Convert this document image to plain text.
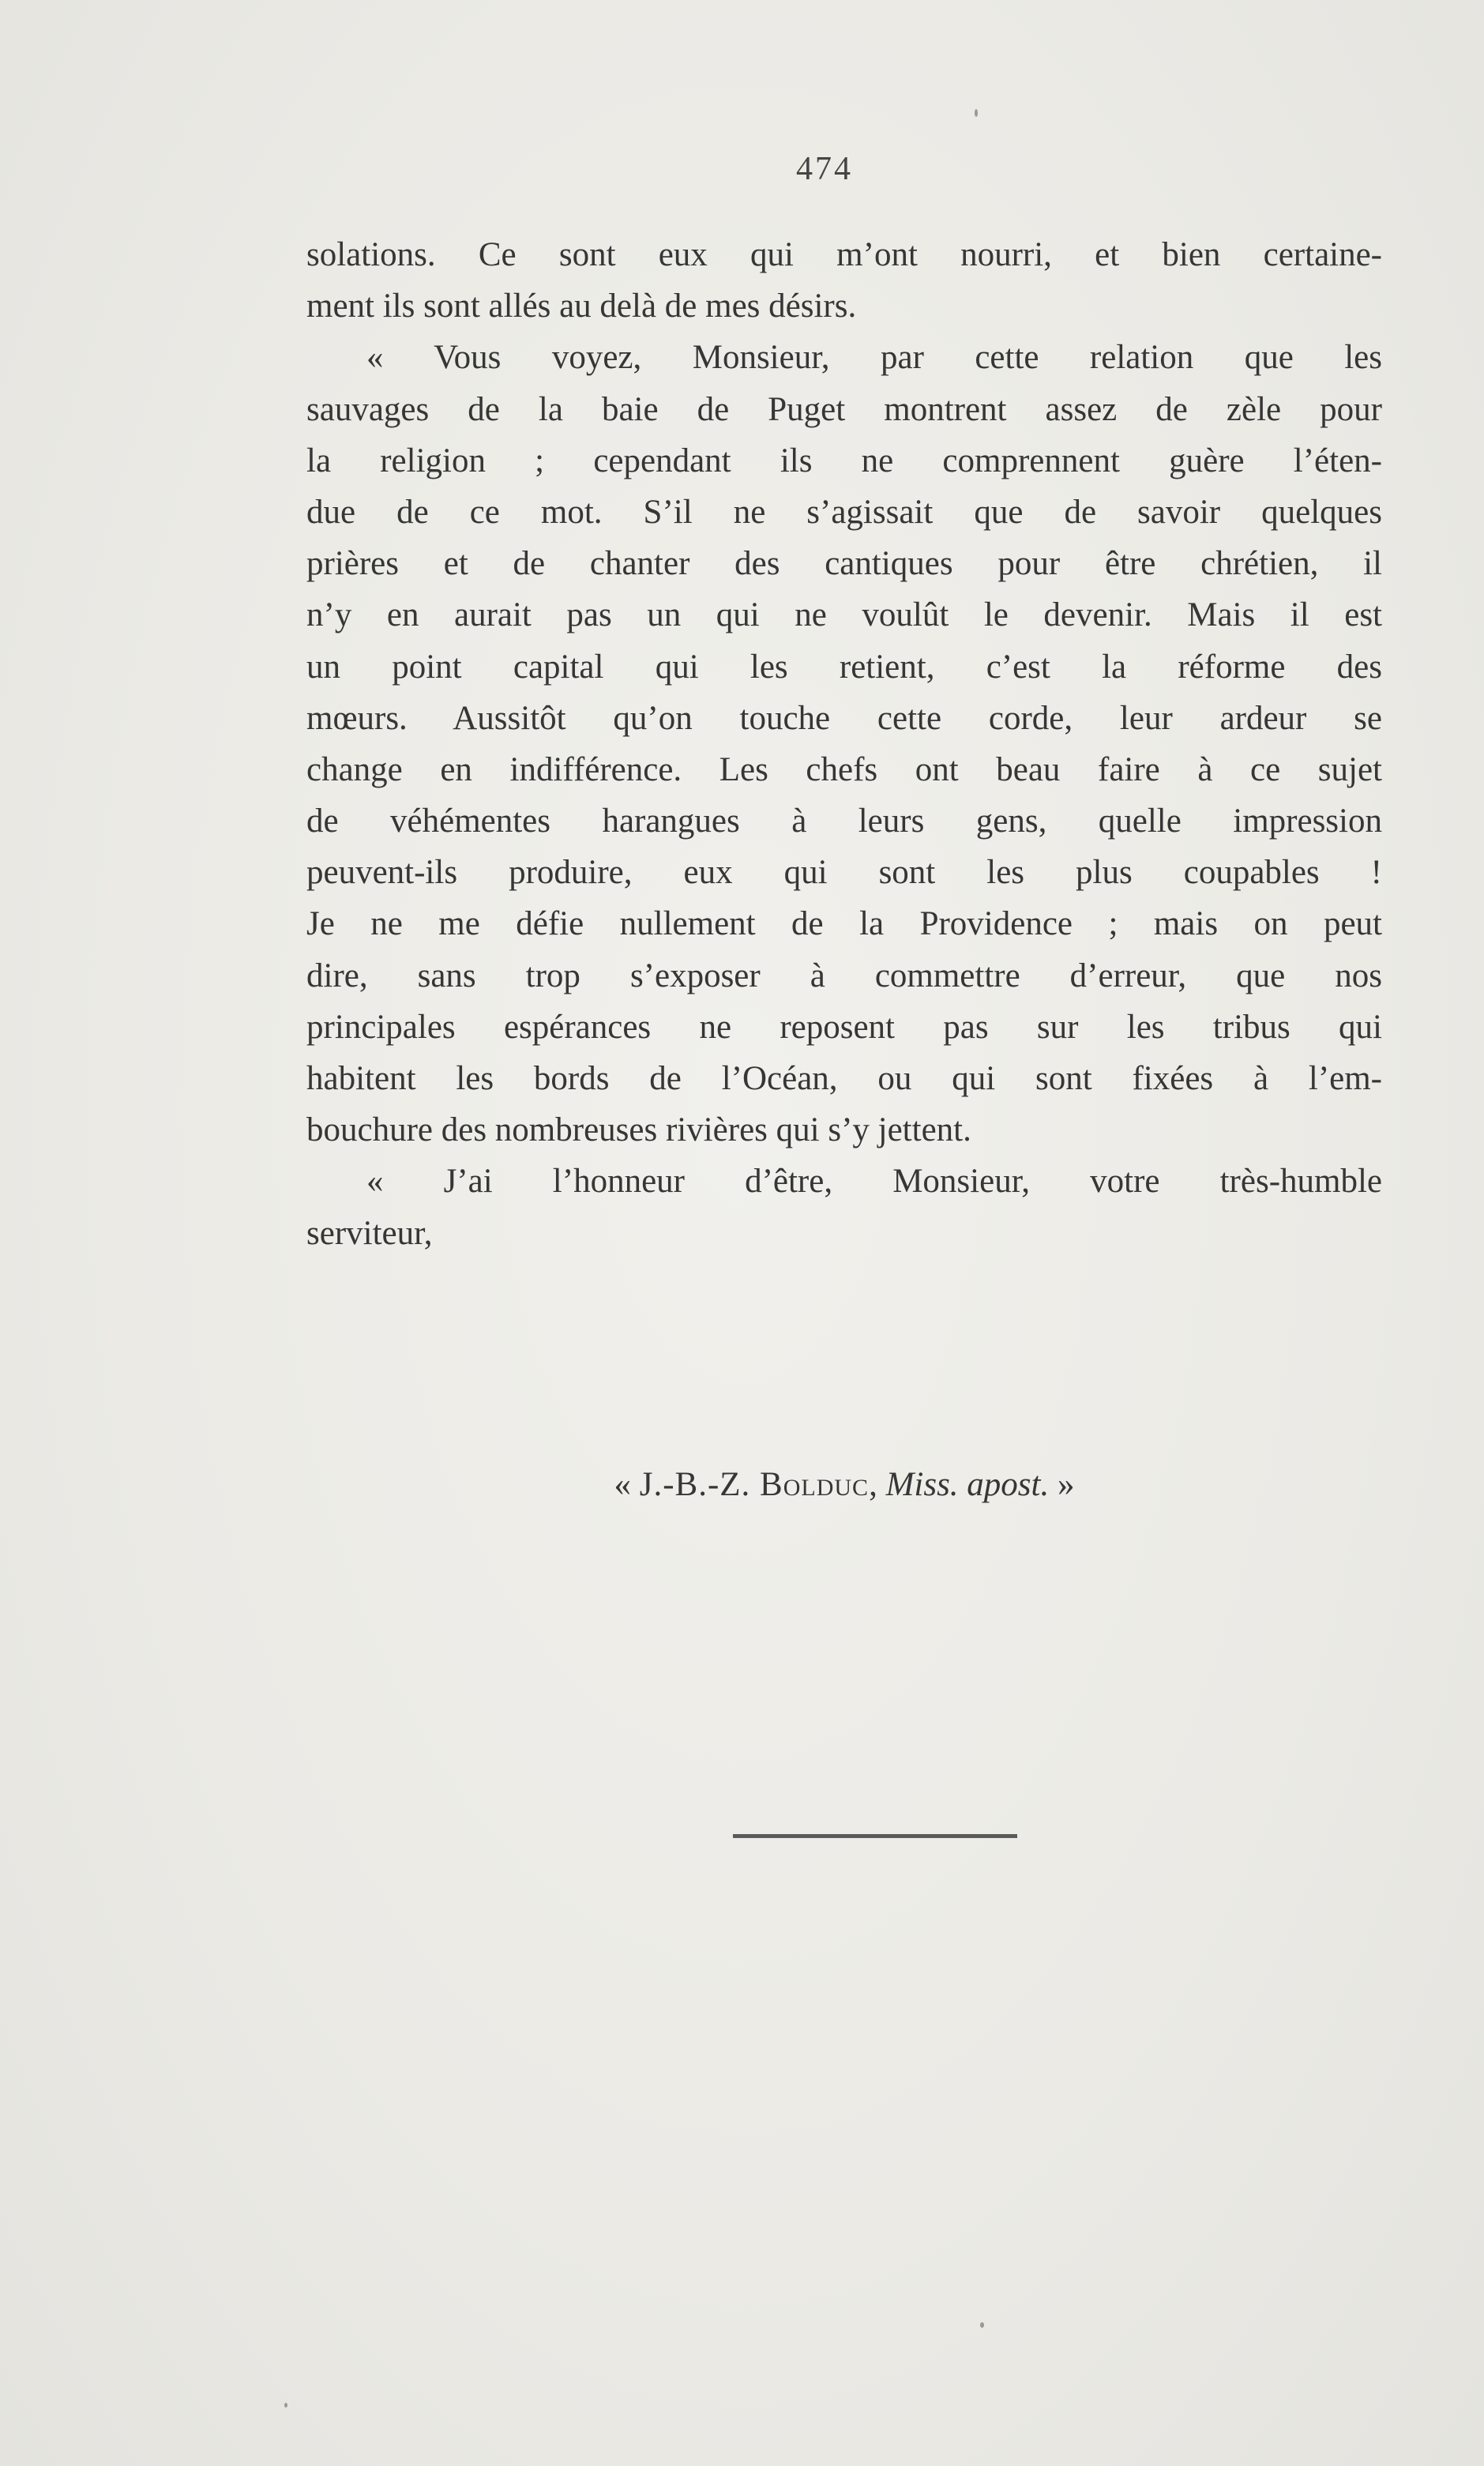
474
solations. Ce sont eux qui m’ont nourri, et bien certaine-
ment ils sont allés au delà de mes désirs.
« Vous voyez, Monsieur, par cette relation que les
sauvages de la baie de Puget montrent assez de zèle pour
la religion ; cependant ils ne comprennent guère l’éten-
due de ce mot. S’il ne s’agissait que de savoir quelques
prières et de chanter des cantiques pour être chrétien, il
n’y en aurait pas un qui ne voulût le devenir. Mais il est
un point capital qui les retient, c’est la réforme des
mœurs. Aussitôt qu’on touche cette corde, leur ardeur se
change en indifférence. Les chefs ont beau faire à ce sujet
de véhémentes harangues à leurs gens, quelle impression
peuvent-ils produire, eux qui sont les plus coupables !
Je ne me défie nullement de la Providence ; mais on peut
dire, sans trop s’exposer à commettre d’erreur, que nos
principales espérances ne reposent pas sur les tribus qui
habitent les bords de l’Océan, ou qui sont fixées à l’em-
bouchure des nombreuses rivières qui s’y jettent.
« J’ai l’honneur d’être, Monsieur, votre très-humble
serviteur,
« J.-B.-Z. Bolduc, Miss. apost. »
